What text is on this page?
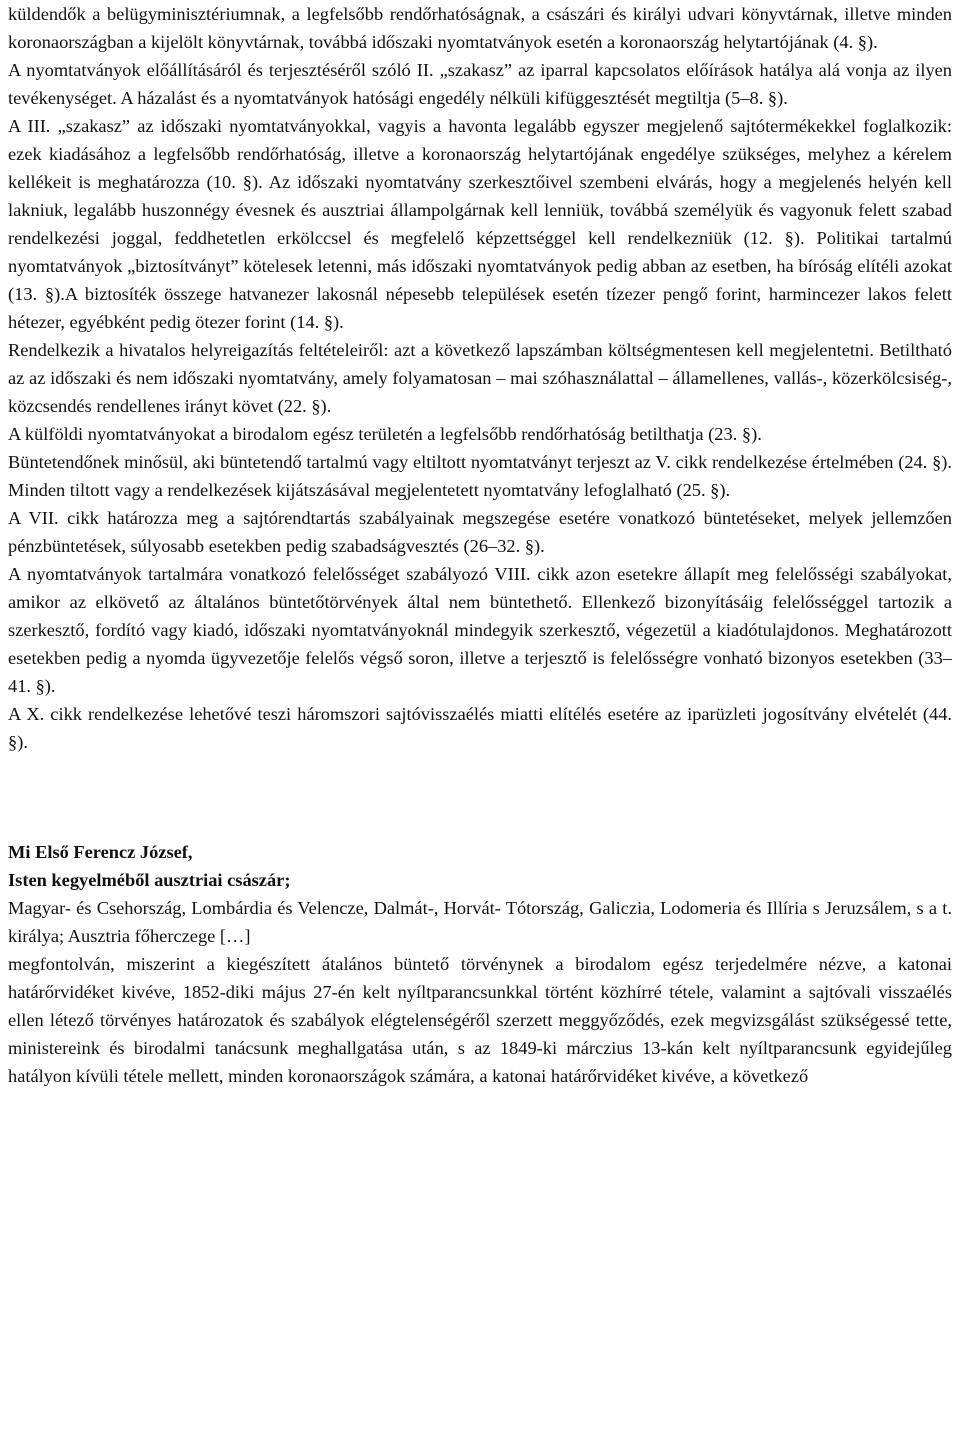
küldendők a belügyminisztériumnak, a legfelsőbb rendőrhatóságnak, a császári és királyi udvari könyvtárnak, illetve minden koronaországban a kijelölt könyvtárnak, továbbá időszaki nyomtatványok esetén a koronaország helytartójának (4. §).

A nyomtatványok előállításáról és terjesztéséről szóló II. „szakasz” az iparral kapcsolatos előírások hatálya alá vonja az ilyen tevékenységet. A házalást és a nyomtatványok hatósági engedély nélküli kifüggesztését megtiltja (5–8. §).

A III. „szakasz” az időszaki nyomtatványokkal, vagyis a havonta legalább egyszer megjelenő sajtótermékekkel foglalkozik: ezek kiadásához a legfelsőbb rendőrhatóság, illetve a koronaország helytartójának engedélye szükséges, melyhez a kérelem kellékeit is meghatározza (10. §). Az időszaki nyomtatvány szerkesztőivel szembeni elvárás, hogy a megjelenés helyén kell lakniuk, legalább huszonnégy évesnek és ausztriai állampolgárnak kell lenniük, továbbá személyük és vagyonuk felett szabad rendelkezési joggal, feddhetetlen erkölccsel és megfelelő képzettséggel kell rendelkezniük (12. §). Politikai tartalmú nyomtatványok „biztosítványt” kötelesek letenni, más időszaki nyomtatványok pedig abban az esetben, ha bíróság elítéli azokat (13. §).A biztosíték összege hatvanezer lakosnál népesebb települések esetén tízezer pengő forint, harmincezer lakos felett hétezer, egyébként pedig ötezer forint (14. §).

Rendelkezik a hivatalos helyreigazítás feltételeiről: azt a következő lapszámban költségmentesen kell megjelentetni. Betiltható az az időszaki és nem időszaki nyomtatvány, amely folyamatosan – mai szóhasználattal – államellenes, vallás-, közerkölcsiség-, közcsendés rendellenes irányt követ (22. §).

A külföldi nyomtatványokat a birodalom egész területén a legfelsőbb rendőrhatóság betilthatja (23. §).

Büntetendőnek minősül, aki büntetendő tartalmú vagy eltiltott nyomtatványt terjeszt az V. cikk rendelkezése értelmében (24. §). Minden tiltott vagy a rendelkezések kijátszásával megjelentetett nyomtatvány lefoglalható (25. §).

A VII. cikk határozza meg a sajtórendtartás szabályainak megszegése esetére vonatkozó büntetéseket, melyek jellemzően pénzbüntetések, súlyosabb esetekben pedig szabadságvesztés (26–32. §).

A nyomtatványok tartalmára vonatkozó felelősséget szabályozó VIII. cikk azon esetekre állapít meg felelősségi szabályokat, amikor az elkövető az általános büntetőtörvények által nem büntethető. Ellenkező bizonyításáig felelősséggel tartozik a szerkesztő, fordító vagy kiadó, időszaki nyomtatványoknál mindegyik szerkesztő, végezetül a kiadótulajdonos. Meghatározott esetekben pedig a nyomda ügyvezetője felelős végső soron, illetve a terjesztő is felelősségre vonható bizonyos esetekben (33–41. §).

A X. cikk rendelkezése lehetővé teszi háromszori sajtóvisszaélés miatti elítélés esetére az iparüzleti jogosítvány elvételét (44. §).

Mi Első Ferencz József,

Isten kegyelméből ausztriai császár;

Magyar- és Csehország, Lombárdia és Velencze, Dalmát-, Horvát- Tótország, Galiczia, Lodomeria és Illíria s Jeruzsálem, s a t. királya; Ausztria főherczege […]

megfontolván, miszerint a kiegészített átalános büntető törvénynek a birodalom egész terjedelmére nézve, a katonai határőrvidéket kivéve, 1852-diki május 27-én kelt nyíltparancsunkkal történt közhírré tétele, valamint a sajtóvali visszaélés ellen létező törvényes határozatok és szabályok elégtelenségéről szerzett meggyőződés, ezek megvizsgálást szükségessé tette, ministereink és birodalmi tanácsunk meghallgatása után, s az 1849-ki márczius 13-kán kelt nyíltparancsunk egyidejűleg hatályon kívüli tétele mellett, minden koronaországok számára, a katonai határőrvidéket kivéve, a következő
